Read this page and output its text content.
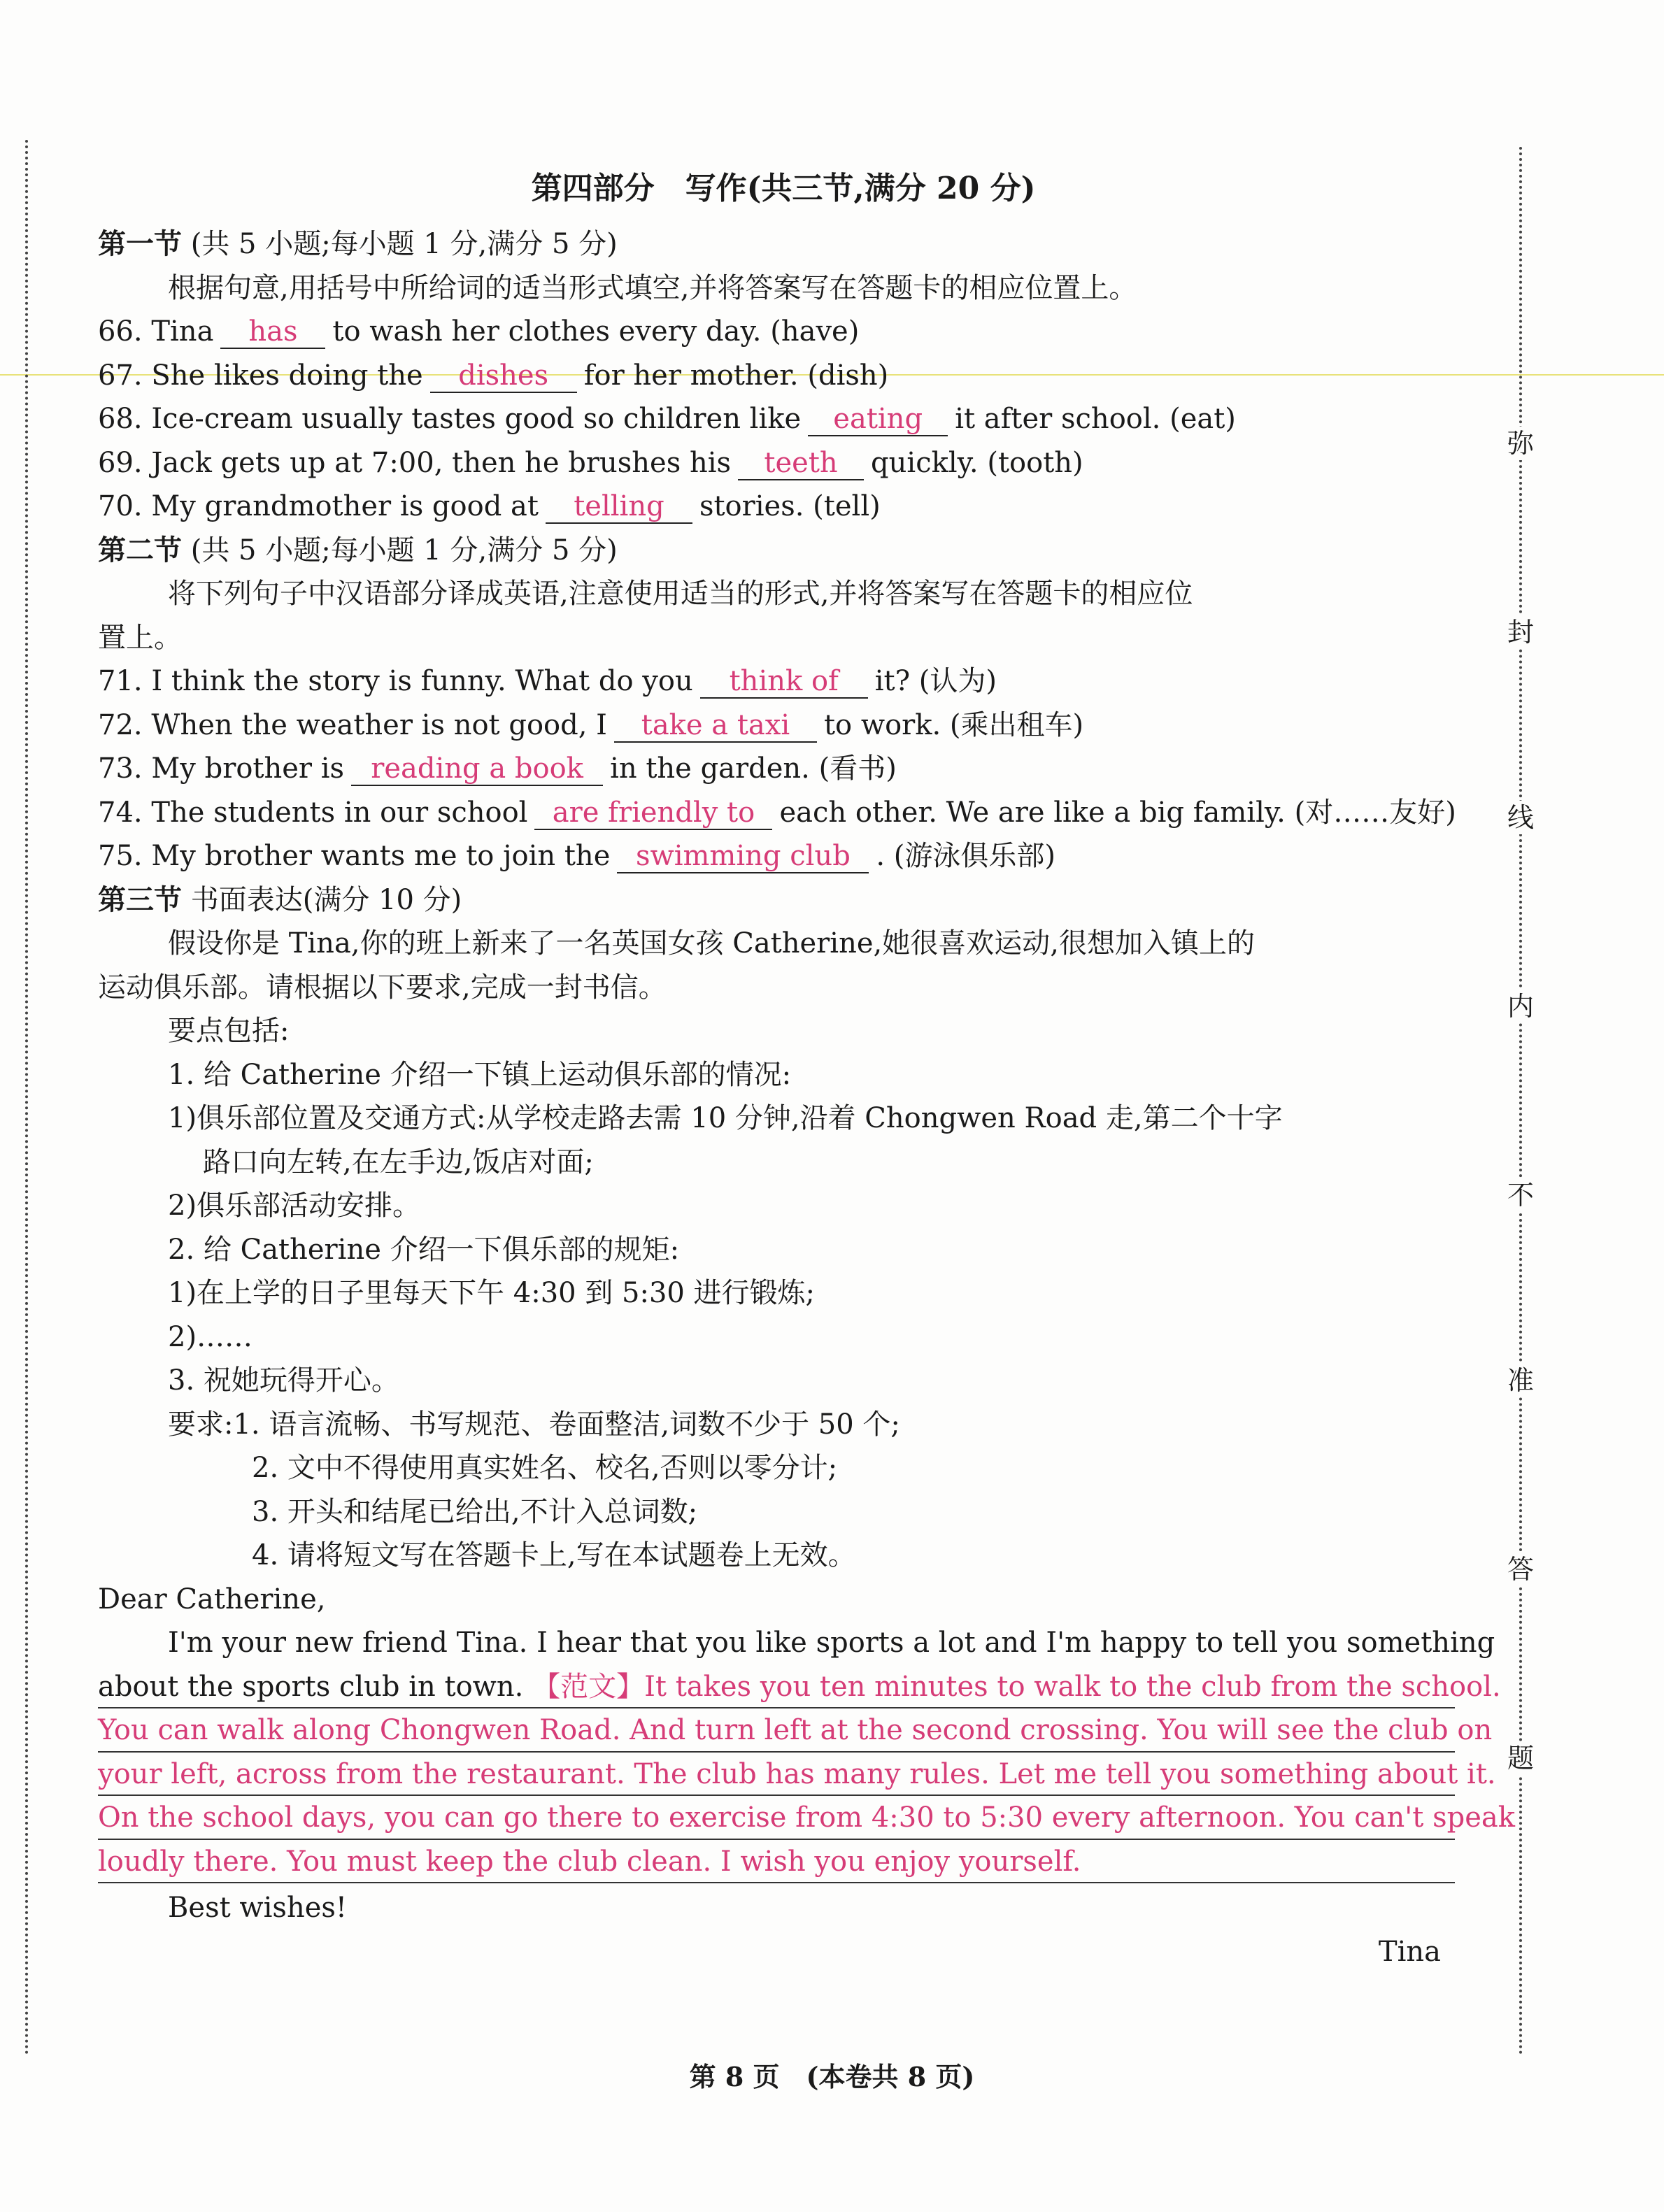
弥
封
线
内
不
准
答
题
第四部分　写作(共三节,满分 20 分)
第一节 (共 5 小题;每小题 1 分,满分 5 分)
根据句意,用括号中所给词的适当形式填空,并将答案写在答题卡的相应位置上。
66. Tina has to wash her clothes every day. (have)
67. She likes doing the dishes for her mother. (dish)
68. Ice-cream usually tastes good so children like eating it after school. (eat)
69. Jack gets up at 7:00, then he brushes his teeth quickly. (tooth)
70. My grandmother is good at telling stories. (tell)
第二节 (共 5 小题;每小题 1 分,满分 5 分)
将下列句子中汉语部分译成英语,注意使用适当的形式,并将答案写在答题卡的相应位
置上。
71. I think the story is funny. What do you think of it? (认为)
72. When the weather is not good, I take a taxi to work. (乘出租车)
73. My brother is reading a book in the garden. (看书)
74. The students in our school are friendly to each other. We are like a big family. (对……友好)
75. My brother wants me to join the swimming club . (游泳俱乐部)
第三节 书面表达(满分 10 分)
假设你是 Tina,你的班上新来了一名英国女孩 Catherine,她很喜欢运动,很想加入镇上的
运动俱乐部。请根据以下要求,完成一封书信。
要点包括:
1. 给 Catherine 介绍一下镇上运动俱乐部的情况:
1)俱乐部位置及交通方式:从学校走路去需 10 分钟,沿着 Chongwen Road 走,第二个十字
路口向左转,在左手边,饭店对面;
2)俱乐部活动安排。
2. 给 Catherine 介绍一下俱乐部的规矩:
1)在上学的日子里每天下午 4:30 到 5:30 进行锻炼;
2)……
3. 祝她玩得开心。
要求:1. 语言流畅、书写规范、卷面整洁,词数不少于 50 个;
2. 文中不得使用真实姓名、校名,否则以零分计;
3. 开头和结尾已给出,不计入总词数;
4. 请将短文写在答题卡上,写在本试题卷上无效。
Dear Catherine,
I'm your new friend Tina. I hear that you like sports a lot and I'm happy to tell you something
about the sports club in town. 【范文】It takes you ten minutes to walk to the club from the school.
You can walk along Chongwen Road. And turn left at the second crossing. You will see the club on
your left, across from the restaurant. The club has many rules. Let me tell you something about it.
On the school days, you can go there to exercise from 4:30 to 5:30 every afternoon. You can't speak
loudly there. You must keep the club clean. I wish you enjoy yourself.
Best wishes!
Tina
第 8 页　(本卷共 8 页)
